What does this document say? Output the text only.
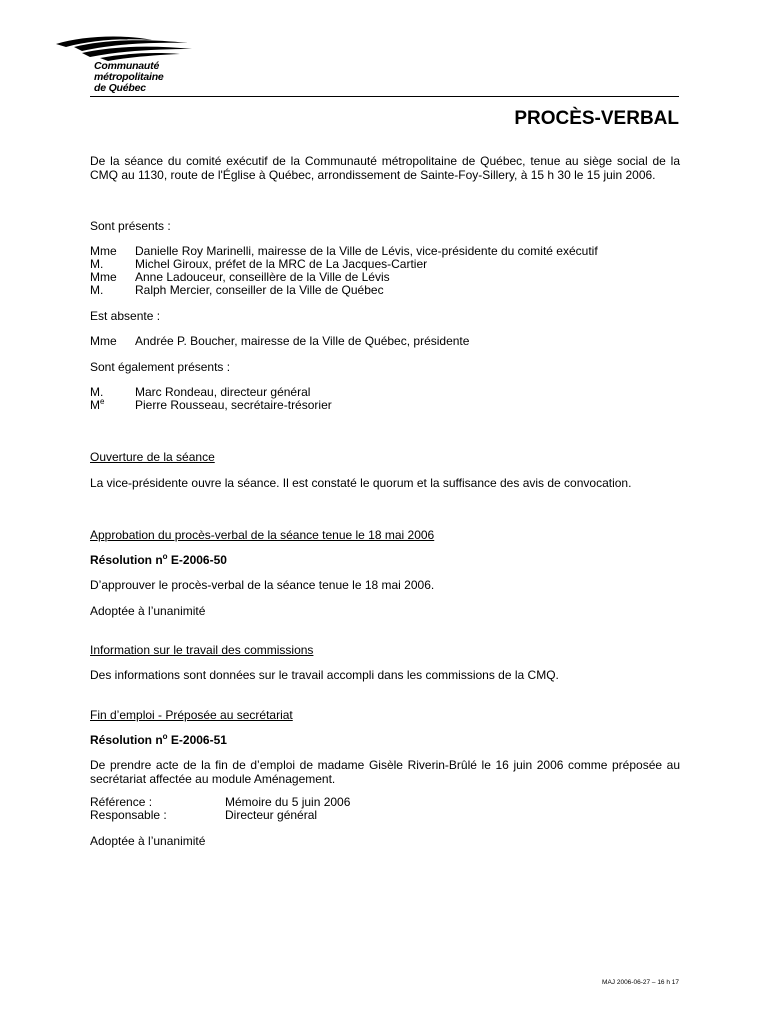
Communauté
métropolitaine
de Québec
PROCÈS-VERBAL
De la séance du comité exécutif de la Communauté métropolitaine de Québec, tenue au siège social de la CMQ au 1130, route de l'Église à Québec, arrondissement de Sainte-Foy-Sillery, à 15 h 30 le 15 juin 2006.
Sont présents :
Mme Danielle Roy Marinelli, mairesse de la Ville de Lévis, vice-présidente du comité exécutif
M.	Michel Giroux, préfet de la MRC de La Jacques-Cartier
Mme Anne Ladouceur, conseillère de la Ville de Lévis
M.	Ralph Mercier, conseiller de la Ville de Québec
Est absente :
Mme Andrée P. Boucher, mairesse de la Ville de Québec, présidente
Sont également présents :
M.	Marc Rondeau, directeur général
Me	Pierre Rousseau, secrétaire-trésorier
Ouverture de la séance
La vice-présidente ouvre la séance. Il est constaté le quorum et la suffisance des avis de convocation.
Approbation du procès-verbal de la séance tenue le 18 mai 2006
Résolution $n^o$ E-2006-50
D’approuver le procès-verbal de la séance tenue le 18 mai 2006.
Adoptée à l’unanimité
Information sur le travail des commissions
Des informations sont données sur le travail accompli dans les commissions de la CMQ.
Fin d’emploi - Préposée au secrétariat
Résolution $n^o$ E-2006-51
De prendre acte de la fin de d’emploi de madame Gisèle Riverin-Brûlé le 16 juin 2006 comme préposée au secrétariat affectée au module Aménagement.
Référence :	Mémoire du 5 juin 2006
Responsable :	Directeur général
Adoptée à l’unanimité
MAJ 2006-06-27 – 16 h 17
